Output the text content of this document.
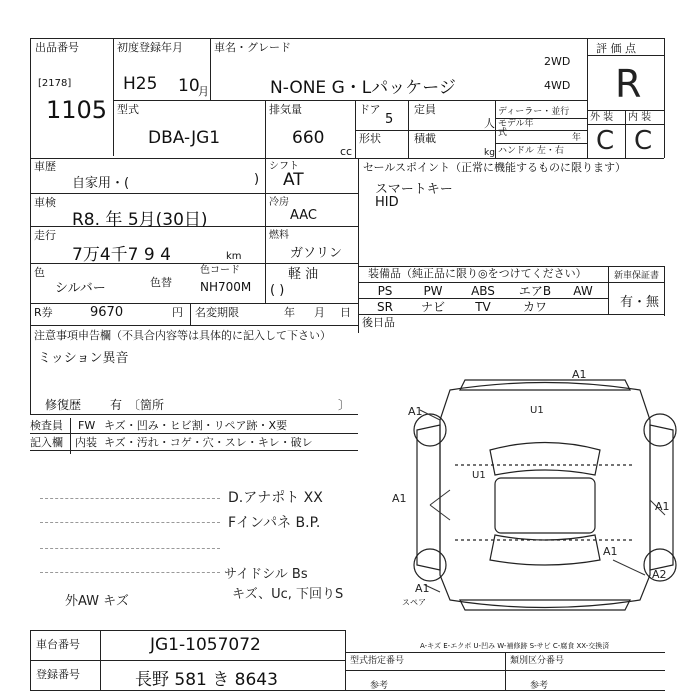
出品番号
[2178]
1105
初度登録年月
H25 10
月
車名・グレード
N-ONE G・Lパッケージ
2WD
4WD
評 価 点
R
型式
DBA-JG1
排気量
660
cc
ドア
5
定員
人
形状	積載
kg
ディーラー・並行
モデル年式	年
ハンドル 左・右
外 装 内 装
C C
車歴
自家用・(	)
シフト
AT
車検
R8. 年 5月(30日)
冷房
AAC
走行
7万4千7 9 4	km
燃料
ガソリン
軽 油
( )
色
シルバー	色替
色コード
NH700M
R券	9670	円 名変期限	年 月 日
セールスポイント（正常に機能するものに限ります）
スマートキー
HID
装備品（純正品に限り◎をつけてください）
PS	PW	ABS	エアB	AW
SR	ナビ	TV	カワ
新車保証書
有・無
後日品
注意事項申告欄（不具合内容等は具体的に記入して下さい）
ミッション異音
修復歴 有 〔箇所	〕
検査員
記入欄
FW キズ・凹み・ヒビ割・リペア跡・X要
内装 キズ・汚れ・コゲ・穴・スレ・キレ・破レ
D.アナポト XX
Fインパネ B.P.
サイドシル Bs
キズ、Uc, 下回りS
外AW キズ
A1
A1
A1
A1
A1
A2
A1
U1
U1
スペア
車台番号	JG1-1057072
登録番号	長野 581 き 8643
A-キズ E-エクボ U-凹み W-補修跡 S-サビ C-腐食 XX-交換済
型式指定番号
参考
類別区分番号
参考
